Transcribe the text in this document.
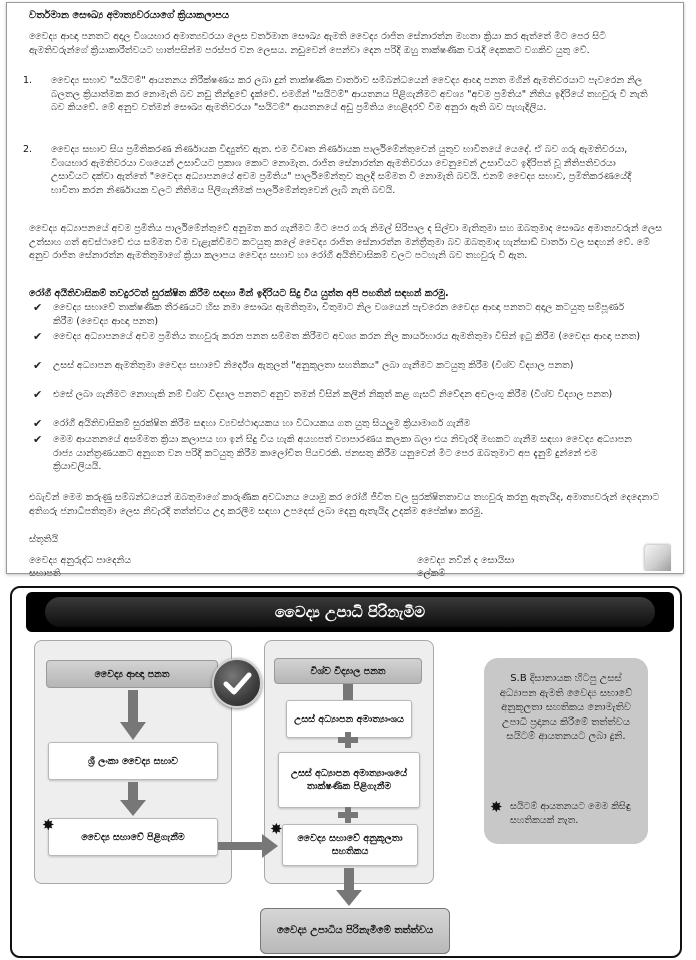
වර්තමාන සෞඛ්‍ය අමාත්‍යවරයාගේ ක්‍රියාකලාපය
වෛද්‍ය ආඥා පනතට අදාල විශයභාර අමාත්‍යවරයා ලෙස වර්තමාන සෞඛ්‍ය ඇමති වෛද්‍ය රාජිත සේනාරත්න මහතා ක්‍රියා කර ඇත්තේ මීට පෙර සිටි ඇමතිවරුන්ගේ ක්‍රියාකාරීත්වයට හාත්පසින්ම පරස්පර වන ලෙසය. නඩුවෙන් පෙන්වා දෙන පරිදි ඔහු තාක්ෂණික වරැදි දෙකකට වගකිව යුතු වේ.
1. වෛද්‍ය සභාව "සයිටම්" ආයතනය නිරීක්ෂණය කර ලබා දුන් තාක්ෂණික වාර්තාව සම්බන්ධයෙන් වෛද්‍ය ආඥා පනත මගින් ඇමතිවරයාට පැවරෙන නිල බලතල ක්‍රියාත්මක කර නොමැති බව නඩු තීන්දුවේ දැක්වේ. එමගින් "සයිටම්" ආයතනය පිළිගැනීමට අවශ්‍ය "අවම ප්‍රමිතිය" නීතිය ඉදිරියේ තහවුරු වී නැති බව කියවේ. මේ අනුව වත්මන් සෞඛ්‍ය ඇමතිවරයා "සයිටම්" ආයතනයේ අඩු ප්‍රමිතිය හෙළිදරව් වීම අනුරා ඇති බව පැහැදිලිය.
2. වෛද්‍ය සභාව සිය ප්‍රමිතිකරණ නිර්ණායක විද්‍යුත්ව ඇත. එම විවෘත නිර්ණායක පාර්ලිමේන්තුවෙන් යුතුව භාවිතයේ යෙදේ. ඒ බව ගරු ඇමතිවරයා, විශයභාර ඇමතිවරයා වශයෙන් උසාවියට ප්‍රකාශ කොට නොමැත. රාජිත සේනාරත්න ඇමතිවරයා වෙනුවෙන් උසාවියට ඉදිරිපත් වූ නීතිපතිවරයා උසාවියට දක්වා ඇත්තේ "වෛද්‍ය අධ්‍යාපනයේ අවම ප්‍රමිතිය" පාර්ලිමේන්තුව තුලදි සම්මත වී නොමැති බවයි. එනම් වෛද්‍ය සභාව, ප්‍රමිතිකරණයේදී භාවිතා කරන නිර්ණායක වලට නීතිමය පිලිගැනීමක් පාර්ලිමේන්තුවෙන් ලැබී නැති බවයි.
වෛද්‍ය අධ්‍යාපනයේ අවම ප්‍රමිතිය පාර්ලිමේන්තුවේ අනුමත කර ගැනීමට මීට පෙර ගරු නිමල් සිරිපාල ද සිල්වා මැතිතුමා සහ ඔබතුමාද සෞඛ්‍ය අමාත්‍යවරුන් ලෙස උත්සාහ ගත් අවස්ථාවේ එය සම්මත වීම වැළැක්වීමට කටයුතු කලේ වෛද්‍ය රාජිත සේනාරත්න මන්ත්‍රීතුමා බව ඔබතුමාද හැන්සාඩ් වාර්තා වල සඳහන් වේ. මේ අනුව රාජිත සේනාරත්න ඇමතිතුමාගේ ක්‍රියා කලාපය වෛද්‍ය සභාව හා රෝගී අයිතිවාසිකම් වලට පටහැනි බව තහවුරු වී ඇත.
රෝගී අයිතිවාසිකම් තවදුරටත් සුරක්ෂිත කිරීම සඳහා මින් ඉදිරියට සිදු විය යුත්ත අපි පහතින් සඳහන් කරමු.
✔ වෛද්‍ය සභාවේ තාක්ෂණික තීරණයට හිස නමා සෞඛ්‍ය ඇමතිතුමා, චිතුමාට නිල වශයෙන් පැවරෙන වෛද්‍ය ආඥා පනතට අදාල කටයුතු සම්පූර්ණ කිරීම (වෛද්‍ය ආඥා පනත)
✔ වෛද්‍ය අධ්‍යාපනයේ අවම ප්‍රමිතිය තහවුරු කරන පනත සම්මත කිරීමට අවශ්‍ය කරන නිල කාර්යභාරය ඇමතිතුමා විසින් ඉටු කිරීම (වෛද්‍ය ආඥා පනත)
✔ උසස් අධ්‍යාපන ඇමතිතුමා වෛද්‍ය සභාවේ නිර්දේශ ඇතුලත් "අනුකූලතා සහතිකය" ලබා ගැනීමට කටයුතු කිරීම (විශ්ව විද්‍යාල පනත)
✔ එසේ ලබා ගැනීමට නොහැකි නම් විශ්ව විද්‍යාල පනතට අනුව තමන් විසින් කලින් නිකුත් කළ ගැසට් නිවේදන අවලංගු කිරීම (විශ්ව විද්‍යාල පනත)
✔ රෝගී අයිතිවාසිකම් සුරක්ෂිත කිරීම සඳහා ව්‍යවස්ථාදායකය හා විධායකය ගත යුතු සියලුම ක්‍රියාමාර්ග ගැනීම
✔ මෙම ආයතනයේ අසම්මත ක්‍රියා කලාපය හා ඉන් සිදු විය හැකි අයහපත් ව්‍යාපාරණය කලකා බලා එය නිවැරදි මඟකට ගැනීම සඳහා වෛද්‍ය අධ්‍යාපන රාජ්‍ය යාන්ත්‍රණයකට අනුගත වන පරිදි කටයුතු කිරීම කාලෝචිත පියවරකි. ජනසතු කිරීම යනුවෙන් මීට පෙර ඔබතුමාට අප දැනුම් දුන්නේ එම ක්‍රියාවලියයි.
එබැවින් මෙම කරුණු සම්බන්ධයෙන් ඔබතුමාගේ කාරුණික අවධානය යොමු කර රෝගී ජීවිත වල සුරක්ෂිතතාවය තහවුරු කරනු ඇතැයිද, අමාත්‍යවරුන් දෙදෙනාට අතිගරු ජනාධිපතිතුමා ලෙස නිවැරදි තත්ත්වය උදා කරලීම සඳහා උපදෙස් ලබා දෙනු ඇතැයිද උදක්ම අපේක්ෂා කරමු.
ස්තූතියි
වෛද්‍ය අනුරුද්ධ පාදෙනිය
සභාපති
වෛද්‍ය නවීන් ද සොයිසා
ලේකම්
වෛද්‍ය උපාධි පිරිනැමීම
වෛද්‍ය ආඥා පනත
ශ්‍රී ලංකා වෛද්‍ය සභාව
වෛද්‍ය සභාවේ පිළිගැනීම
✸
විශ්ව විද්‍යාල පනත
උසස් අධ්‍යාපන අමාත්‍යාංශය
උසස් අධ්‍යාපන අමාත්‍යාංශයේ තාක්ෂණික පිළිගැනීම
වෛද්‍ය සභාවේ අනුකූලතා සහතිකය
✸
වෛද්‍ය උපාධිය පිරිනැමීමේ තත්ත්වය
S.B දිසානායක හිටපු උසස් අධ්‍යාපන ඇමති වෛද්‍ය සභාවේ අනුකූලතා සහතිකය නොමැතිව උපාධි ප්‍රදානය කිරීමේ තත්ත්වය සයිටම් ආයතනයට ලබා දුනි.
✸ සයිටම් ආයතනයට මෙම කිසිඳු සහතිකයක් නැත.
